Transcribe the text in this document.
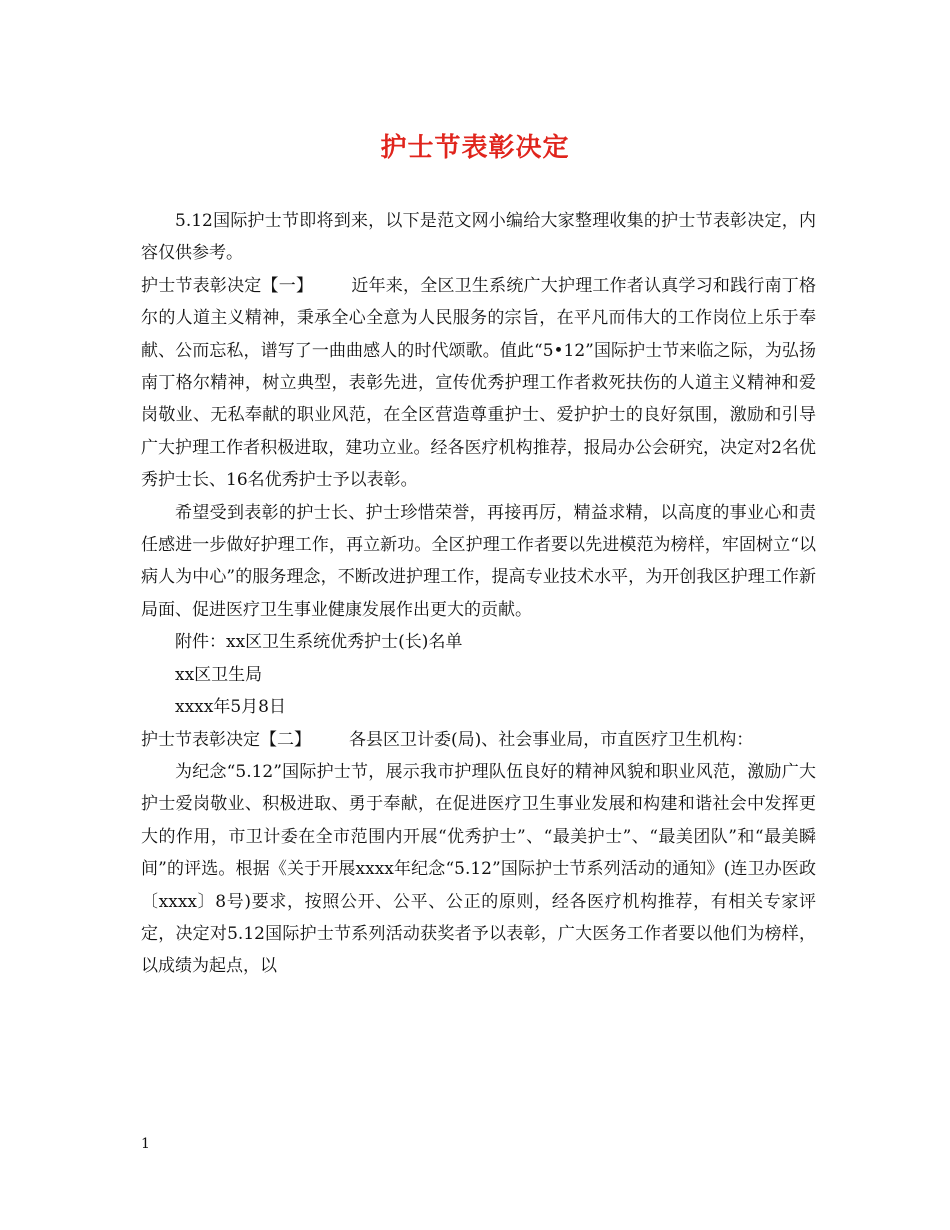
护士节表彰决定

5.12国际护士节即将到来，以下是范文网小编给大家整理收集的护士节表彰决定，内容仅供参考。

护士节表彰决定【一】 近年来，全区卫生系统广大护理工作者认真学习和践行南丁格尔的人道主义精神，秉承全心全意为人民服务的宗旨，在平凡而伟大的工作岗位上乐于奉献、公而忘私，谱写了一曲曲感人的时代颂歌。值此“5•12”国际护士节来临之际，为弘扬南丁格尔精神，树立典型，表彰先进，宣传优秀护理工作者救死扶伤的人道主义精神和爱岗敬业、无私奉献的职业风范，在全区营造尊重护士、爱护护士的良好氛围，激励和引导广大护理工作者积极进取，建功立业。经各医疗机构推荐，报局办公会研究，决定对2名优秀护士长、16名优秀护士予以表彰。

希望受到表彰的护士长、护士珍惜荣誉，再接再厉，精益求精，以高度的事业心和责任感进一步做好护理工作，再立新功。全区护理工作者要以先进模范为榜样，牢固树立“以病人为中心”的服务理念，不断改进护理工作，提高专业技术水平，为开创我区护理工作新局面、促进医疗卫生事业健康发展作出更大的贡献。

附件：xx区卫生系统优秀护士(长)名单

xx区卫生局

xxxx年5月8日

护士节表彰决定【二】 各县区卫计委(局)、社会事业局，市直医疗卫生机构：

为纪念“5.12”国际护士节，展示我市护理队伍良好的精神风貌和职业风范，激励广大护士爱岗敬业、积极进取、勇于奉献，在促进医疗卫生事业发展和构建和谐社会中发挥更大的作用，市卫计委在全市范围内开展“优秀护士”、“最美护士”、“最美团队”和“最美瞬间”的评选。根据《关于开展xxxx年纪念“5.12”国际护士节系列活动的通知》(连卫办医政〔xxxx〕8号)要求，按照公开、公平、公正的原则，经各医疗机构推荐，有相关专家评定，决定对5.12国际护士节系列活动获奖者予以表彰，广大医务工作者要以他们为榜样，以成绩为起点，以

1
